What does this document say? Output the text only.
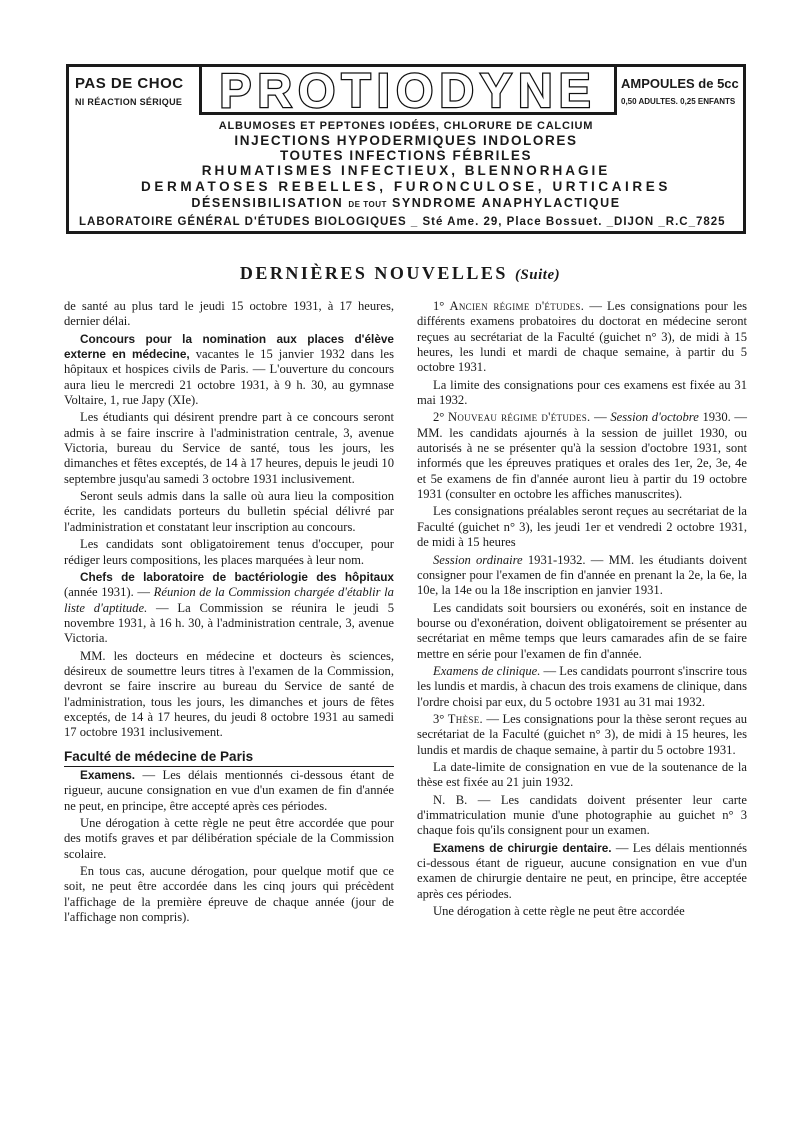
PAS DE CHOC
NI RÉACTION SÉRIQUE PROTIODYNE	AMPOULES de 5cc
0,50 ADULTES. 0,25 ENFANTS
ALBUMOSES ET PEPTONES IODÉES, CHLORURE DE CALCIUM
INJECTIONS HYPODERMIQUES INDOLORES
TOUTES INFECTIONS FÉBRILES
RHUMATISMES INFECTIEUX, BLENNORHAGIE
DERMATOSES REBELLES, FURONCULOSE, URTICAIRES
DÉSENSIBILISATION DE TOUT SYNDROME ANAPHYLACTIQUE
LABORATOIRE GÉNÉRAL D'ÉTUDES BIOLOGIQUES _ Sté Ame. 29, Place Bossuet. _DIJON _R.C_7825
DERNIÈRES NOUVELLES (Suite)

de santé au plus tard le jeudi 15 octobre 1931, à 17 heures, dernier délai.

Concours pour la nomination aux places d'élève externe en médecine, vacantes le 15 janvier 1932 dans les hôpitaux et hospices civils de Paris. — L'ouverture du concours aura lieu le mercredi 21 octobre 1931, à 9 h. 30, au gymnase Voltaire, 1, rue Japy (XIe).

Les étudiants qui désirent prendre part à ce concours seront admis à se faire inscrire à l'administration centrale, 3, avenue Victoria, bureau du Service de santé, tous les jours, les dimanches et fêtes exceptés, de 14 à 17 heures, depuis le jeudi 10 septembre jusqu'au samedi 3 octobre 1931 inclusivement.

Seront seuls admis dans la salle où aura lieu la composition écrite, les candidats porteurs du bulletin spécial délivré par l'administration et constatant leur inscription au concours.

Les candidats sont obligatoirement tenus d'occuper, pour rédiger leurs compositions, les places marquées à leur nom.

Chefs de laboratoire de bactériologie des hôpitaux (année 1931). — Réunion de la Commission chargée d'établir la liste d'aptitude. — La Commission se réunira le jeudi 5 novembre 1931, à 16 h. 30, à l'administration centrale, 3, avenue Victoria.

MM. les docteurs en médecine et docteurs ès sciences, désireux de soumettre leurs titres à l'examen de la Commission, devront se faire inscrire au bureau du Service de santé de l'administration, tous les jours, les dimanches et jours de fêtes exceptés, de 14 à 17 heures, du jeudi 8 octobre 1931 au samedi 17 octobre 1931 inclusivement.

Faculté de médecine de Paris

Examens. — Les délais mentionnés ci-dessous étant de rigueur, aucune consignation en vue d'un examen de fin d'année ne peut, en principe, être accepté après ces périodes.

Une dérogation à cette règle ne peut être accordée que pour des motifs graves et par délibération spéciale de la Commission scolaire.

En tous cas, aucune dérogation, pour quelque motif que ce soit, ne peut être accordée dans les cinq jours qui précèdent l'affichage de la première épreuve de chaque année (jour de l'affichage non compris).

1° Ancien régime d'études. — Les consignations pour les différents examens probatoires du doctorat en médecine seront reçues au secrétariat de la Faculté (guichet n° 3), de midi à 15 heures, les lundi et mardi de chaque semaine, à partir du 5 octobre 1931.

La limite des consignations pour ces examens est fixée au 31 mai 1932.

2° Nouveau régime d'études. — Session d'octobre 1930. — MM. les candidats ajournés à la session de juillet 1930, ou autorisés à ne se présenter qu'à la session d'octobre 1931, sont informés que les épreuves pratiques et orales des 1er, 2e, 3e, 4e et 5e examens de fin d'année auront lieu à partir du 19 octobre 1931 (consulter en octobre les affiches manuscrites).

Les consignations préalables seront reçues au secrétariat de la Faculté (guichet n° 3), les jeudi 1er et vendredi 2 octobre 1931, de midi à 15 heures

Session ordinaire 1931-1932. — MM. les étudiants doivent consigner pour l'examen de fin d'année en prenant la 2e, la 6e, la 10e, la 14e ou la 18e inscription en janvier 1931.

Les candidats soit boursiers ou exonérés, soit en instance de bourse ou d'exonération, doivent obligatoirement se présenter au secrétariat en même temps que leurs camarades afin de se faire mettre en série pour l'examen de fin d'année.

Examens de clinique. — Les candidats pourront s'inscrire tous les lundis et mardis, à chacun des trois examens de clinique, dans l'ordre choisi par eux, du 5 octobre 1931 au 31 mai 1932.

3° Thèse. — Les consignations pour la thèse seront reçues au secrétariat de la Faculté (guichet n° 3), de midi à 15 heures, les lundis et mardis de chaque semaine, à partir du 5 octobre 1931.

La date-limite de consignation en vue de la soutenance de la thèse est fixée au 21 juin 1932.

N. B. — Les candidats doivent présenter leur carte d'immatriculation munie d'une photographie au guichet n° 3 chaque fois qu'ils consignent pour un examen.

Examens de chirurgie dentaire. — Les délais mentionnés ci-dessous étant de rigueur, aucune consignation en vue d'un examen de chirurgie dentaire ne peut, en principe, être acceptée après ces périodes.

Une dérogation à cette règle ne peut être accordée
